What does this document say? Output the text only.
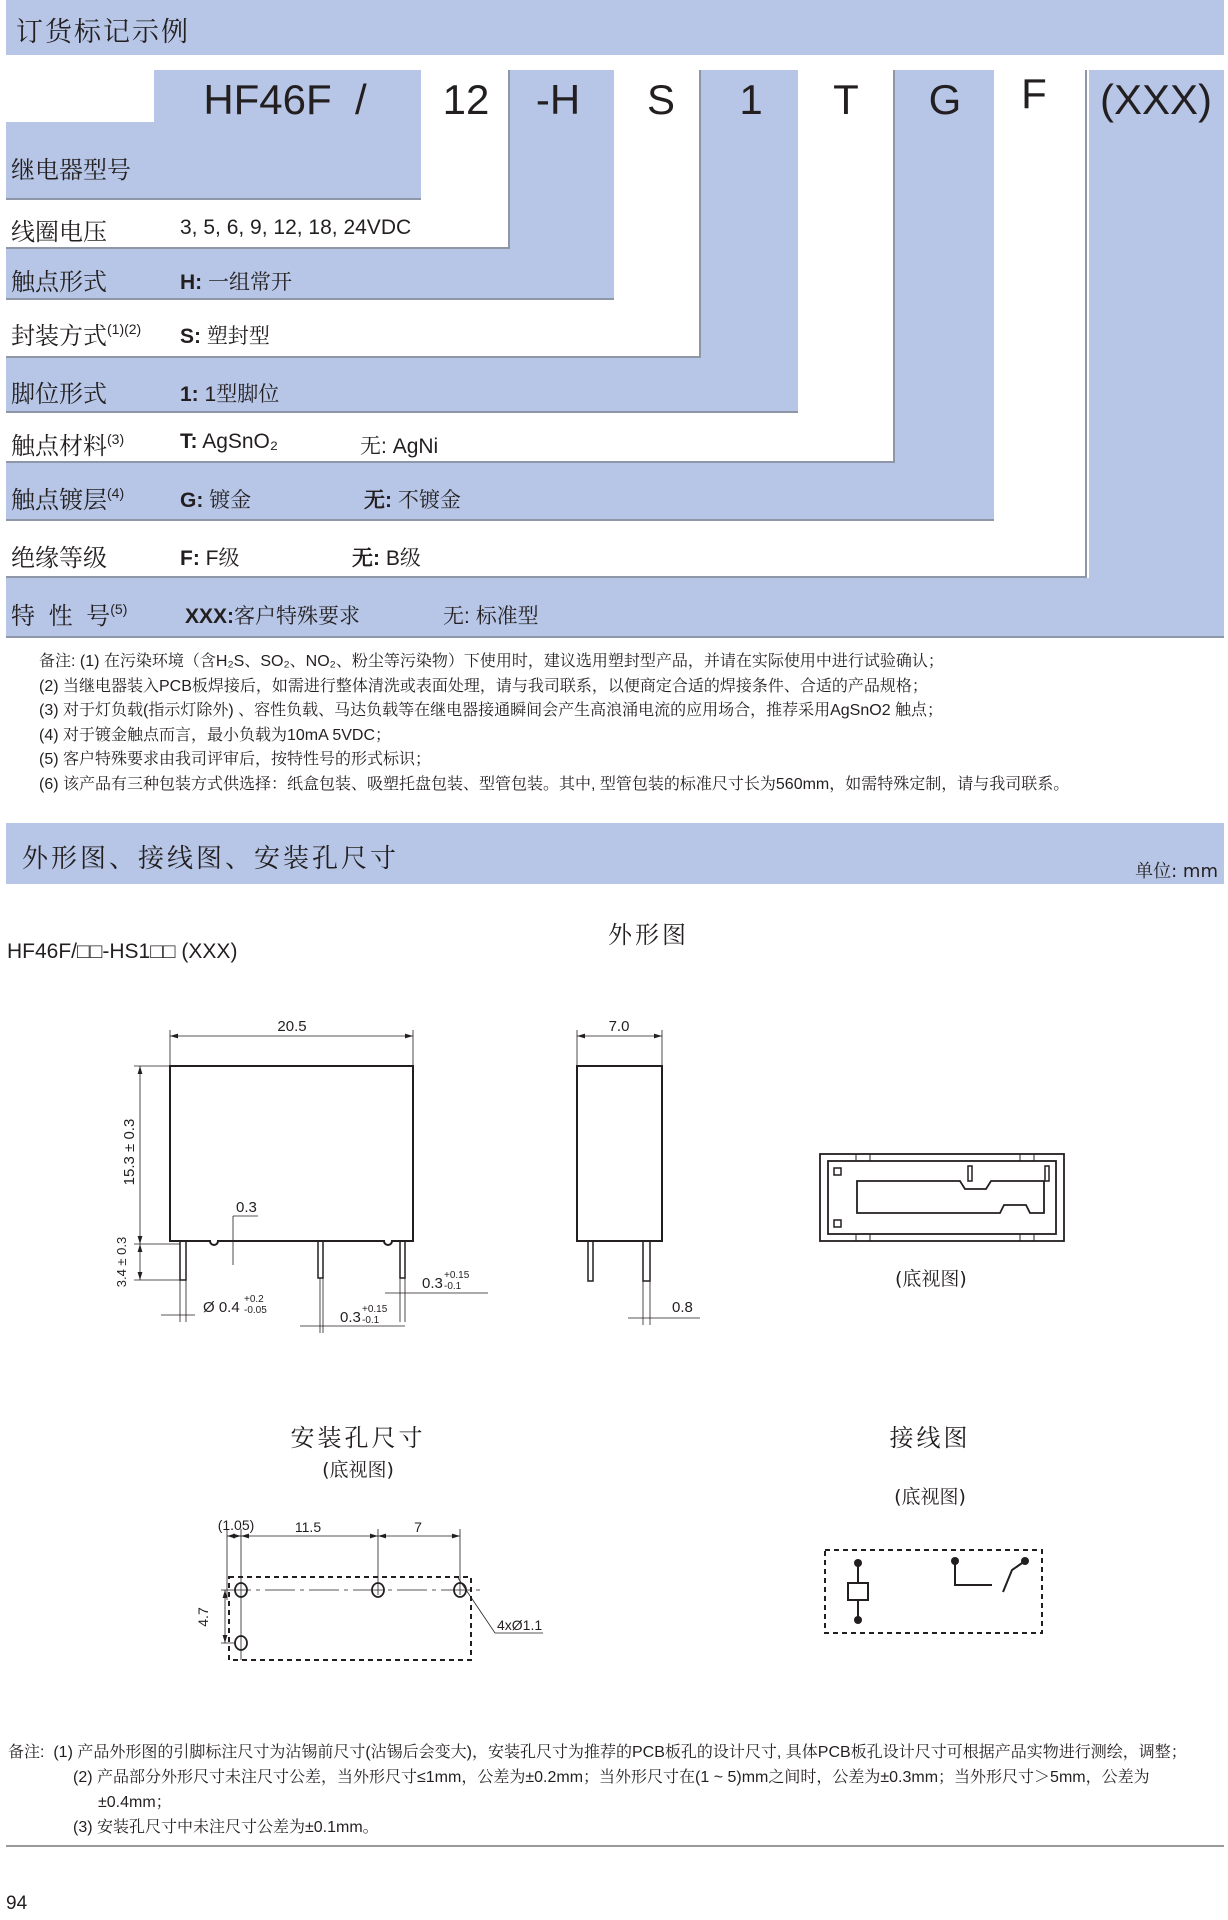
订货标记示例
HF46F  / 12 -H S 1 T G F (XXX)
继电器型号
线圈电压	3, 5, 6, 9, 12, 18, 24VDC
触点形式	H: 一组常开
封装方式$^{(1)(2)}$ S: 塑封型
脚位形式	1: 1型脚位
触点材料$^{(3)}$	T: AgSnO₂	无: AgNi
触点镀层$^{(4)}$	G: 镀金	无: 不镀金
绝缘等级	F: F级	无: B级
特 性 号$^{(5)}$	XXX:客户特殊要求	无: 标准型
备注: (1) 在污染环境（含H₂S、SO₂、NO₂、粉尘等污染物）下使用时，建议选用塑封型产品，并请在实际使用中进行试验确认；
(2) 当继电器装入PCB板焊接后，如需进行整体清洗或表面处理，请与我司联系，以便商定合适的焊接条件、合适的产品规格；
(3) 对于灯负载(指示灯除外) 、容性负载、马达负载等在继电器接通瞬间会产生高浪涌电流的应用场合，推荐采用AgSnO2 触点；
(4) 对于镀金触点而言，最小负载为10mA 5VDC；
(5) 客户特殊要求由我司评审后，按特性号的形式标识；
(6) 该产品有三种包装方式供选择：纸盒包装、吸塑托盘包装、型管包装。其中, 型管包装的标准尺寸长为560mm，如需特殊定制，请与我司联系。
外形图、接线图、安装孔尺寸	单位: mm
外形图
HF46F/□□-HS1□□ (XXX)
20.5
15.3 ± 0.3
3.4 ± 0.3
0.3
Ø 0.4 +0.2
-0.05	0.3 +0.15
-0.1
0.3 +0.15
-0.1
7.0
0.8
(1.05)	11.5	7
4.7	4xØ1.1
(底视图)
安装孔尺寸
(底视图)
接线图
(底视图)
备注: (1) 产品外形图的引脚标注尺寸为沾锡前尺寸(沾锡后会变大)，安装孔尺寸为推荐的PCB板孔的设计尺寸, 具体PCB板孔设计尺寸可根据产品实物进行测绘，调整；
(2) 产品部分外形尺寸未注尺寸公差，当外形尺寸≤1mm，公差为±0.2mm；当外形尺寸在(1 ~ 5)mm之间时，公差为±0.3mm；当外形尺寸＞5mm，公差为±0.4mm；
(3) 安装孔尺寸中未注尺寸公差为±0.1mm。
94
